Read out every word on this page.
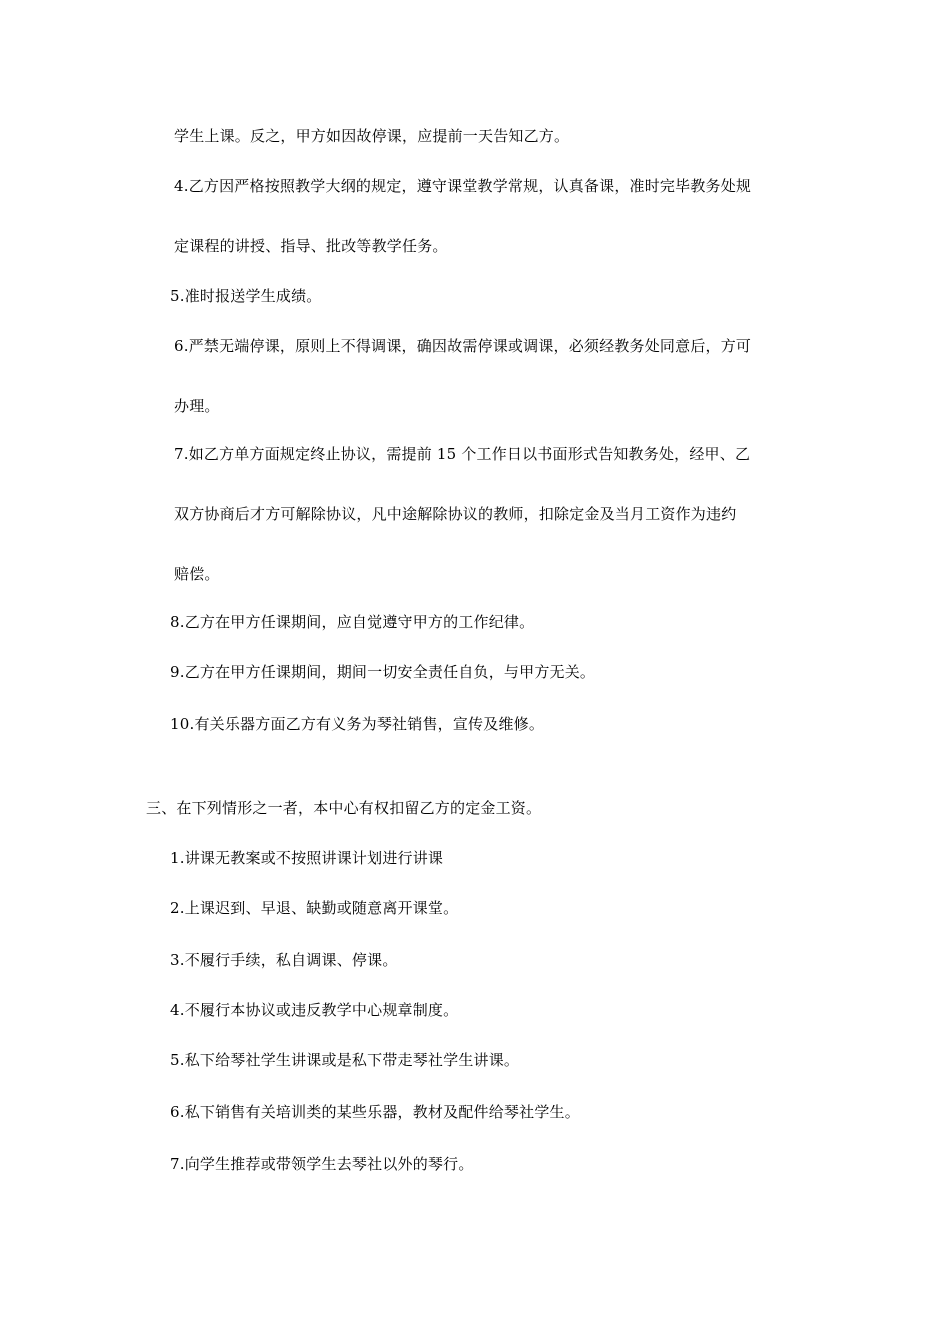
学生上课。反之，甲方如因故停课，应提前一天告知乙方。
4.乙方因严格按照教学大纲的规定，遵守课堂教学常规，认真备课，准时完毕教务处规
定课程的讲授、指导、批改等教学任务。
5.准时报送学生成绩。
6.严禁无端停课，原则上不得调课，确因故需停课或调课，必须经教务处同意后，方可
办理。
7.如乙方单方面规定终止协议，需提前 15 个工作日以书面形式告知教务处，经甲、乙
双方协商后才方可解除协议，凡中途解除协议的教师，扣除定金及当月工资作为违约
赔偿。
8.乙方在甲方任课期间，应自觉遵守甲方的工作纪律。
9.乙方在甲方任课期间，期间一切安全责任自负，与甲方无关。
10.有关乐器方面乙方有义务为琴社销售，宣传及维修。
三、在下列情形之一者，本中心有权扣留乙方的定金工资。
1.讲课无教案或不按照讲课计划进行讲课
2.上课迟到、早退、缺勤或随意离开课堂。
3.不履行手续，私自调课、停课。
4.不履行本协议或违反教学中心规章制度。
5.私下给琴社学生讲课或是私下带走琴社学生讲课。
6.私下销售有关培训类的某些乐器，教材及配件给琴社学生。
7.向学生推荐或带领学生去琴社以外的琴行。
